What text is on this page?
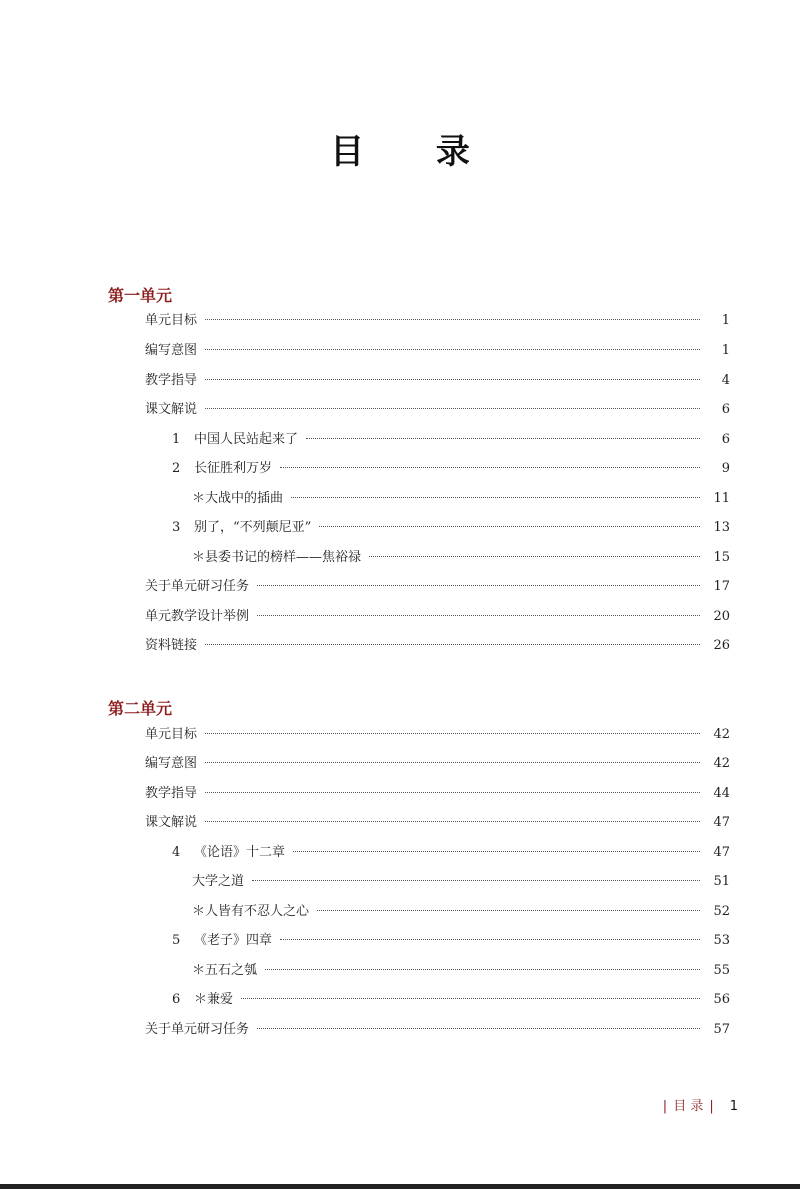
目 录
第一单元
单元目标	1
编写意图	1
教学指导	4
课文解说	6
1	中国人民站起来了	6
2	长征胜利万岁	9
＊大战中的插曲	11
3	别了，“不列颠尼亚”	13
＊县委书记的榜样——焦裕禄	15
关于单元研习任务	17
单元教学设计举例	20
资料链接	26
第二单元
单元目标	42
编写意图	42
教学指导	44
课文解说	47
4	《论语》十二章	47
大学之道	51
＊人皆有不忍人之心	52
5	《老子》四章	53
＊五石之瓠	55
6	＊兼爱	56
关于单元研习任务	57
| 目 录 | 1
